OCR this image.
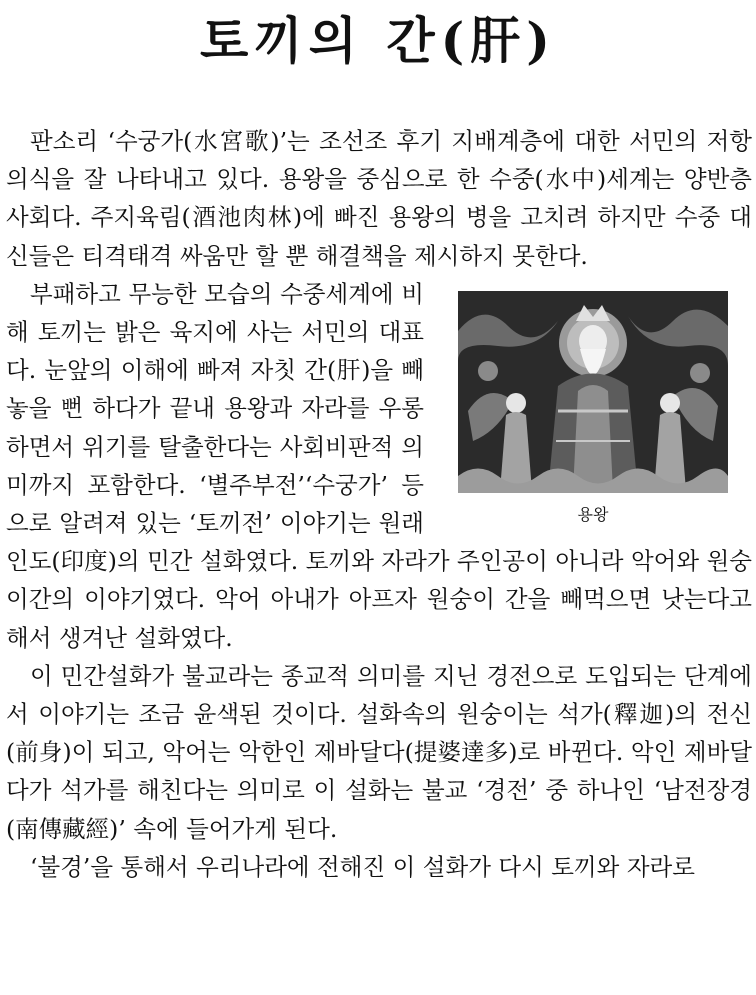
토끼의 간(肝)

판소리 ‘수궁가(水宮歌)’는 조선조 후기 지배계층에 대한 서민의 저항의식을 잘 나타내고 있다. 용왕을 중심으로 한 수중(水中)세계는 양반층 사회다. 주지육림(酒池肉林)에 빠진 용왕의 병을 고치려 하지만 수중 대신들은 티격태격 싸움만 할 뿐 해결책을 제시하지 못한다.

용왕

부패하고 무능한 모습의 수중세계에 비해 토끼는 밝은 육지에 사는 서민의 대표다. 눈앞의 이해에 빠져 자칫 간(肝)을 빼놓을 뻔 하다가 끝내 용왕과 자라를 우롱하면서 위기를 탈출한다는 사회비판적 의미까지 포함한다. ‘별주부전’‘수궁가’ 등으로 알려져 있는 ‘토끼전’ 이야기는 원래 인도(印度)의 민간 설화였다. 토끼와 자라가 주인공이 아니라 악어와 원숭이간의 이야기였다. 악어 아내가 아프자 원숭이 간을 빼먹으면 낫는다고 해서 생겨난 설화였다.

이 민간설화가 불교라는 종교적 의미를 지닌 경전으로 도입되는 단계에서 이야기는 조금 윤색된 것이다. 설화속의 원숭이는 석가(釋迦)의 전신(前身)이 되고, 악어는 악한인 제바달다(提婆達多)로 바뀐다. 악인 제바달다가 석가를 해친다는 의미로 이 설화는 불교 ‘경전’ 중 하나인 ‘남전장경(南傳藏經)’ 속에 들어가게 된다.

‘불경’을 통해서 우리나라에 전해진 이 설화가 다시 토끼와 자라로
